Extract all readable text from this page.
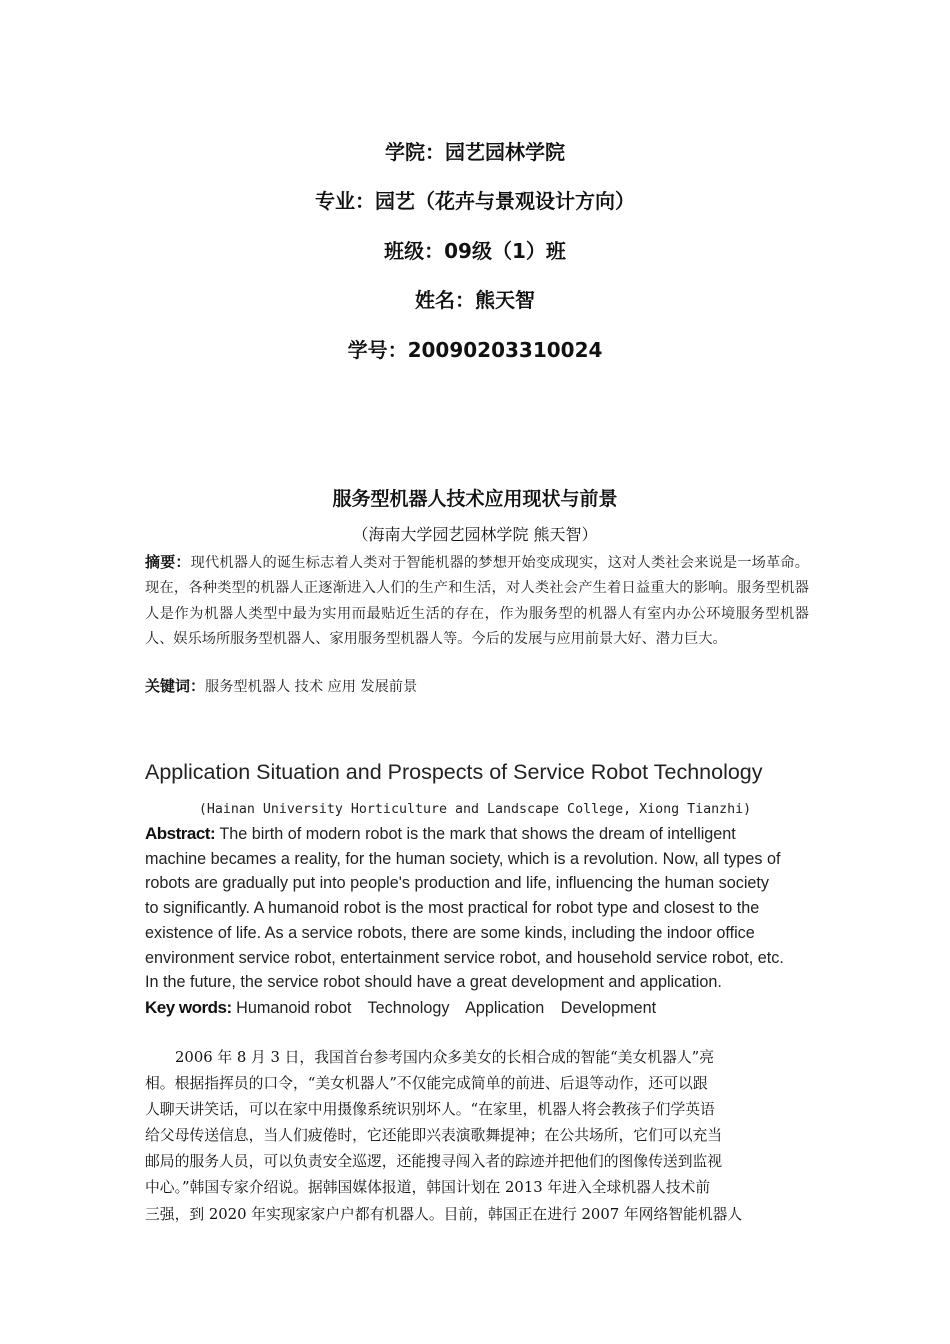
学院：园艺园林学院
专业：园艺（花卉与景观设计方向）
班级：09级（1）班
姓名：熊天智
学号：20090203310024
服务型机器人技术应用现状与前景
（海南大学园艺园林学院 熊天智）
摘要：现代机器人的诞生标志着人类对于智能机器的梦想开始变成现实，这对人类社会来说是一场革命。现在，各种类型的机器人正逐渐进入人们的生产和生活，对人类社会产生着日益重大的影响。服务型机器人是作为机器人类型中最为实用而最贴近生活的存在，作为服务型的机器人有室内办公环境服务型机器人、娱乐场所服务型机器人、家用服务型机器人等。今后的发展与应用前景大好、潜力巨大。
关键词：服务型机器人 技术 应用 发展前景
Application Situation and Prospects of Service Robot Technology
(Hainan University Horticulture and Landscape College, Xiong Tianzhi)
Abstract: The birth of modern robot is the mark that shows the dream of intelligent
machine becames a reality, for the human society, which is a revolution. Now, all types of
robots are gradually put into people's production and life, influencing the human society
to significantly. A humanoid robot is the most practical for robot type and closest to the
existence of life. As a service robots, there are some kinds, including the indoor office
environment service robot, entertainment service robot, and household service robot, etc.
In the future, the service robot should have a great development and application.
Key words: Humanoid robot Technology Application Development
2006 年 8 月 3 日，我国首台参考国内众多美女的长相合成的智能“美女机器人”亮
相。根据指挥员的口令，“美女机器人”不仅能完成简单的前进、后退等动作，还可以跟
人聊天讲笑话，可以在家中用摄像系统识别坏人。“在家里，机器人将会教孩子们学英语
给父母传送信息，当人们疲倦时，它还能即兴表演歌舞提神；在公共场所，它们可以充当
邮局的服务人员，可以负责安全巡逻，还能搜寻闯入者的踪迹并把他们的图像传送到监视
中心。”韩国专家介绍说。据韩国媒体报道，韩国计划在 2013 年进入全球机器人技术前
三强，到 2020 年实现家家户户都有机器人。目前，韩国正在进行 2007 年网络智能机器人
